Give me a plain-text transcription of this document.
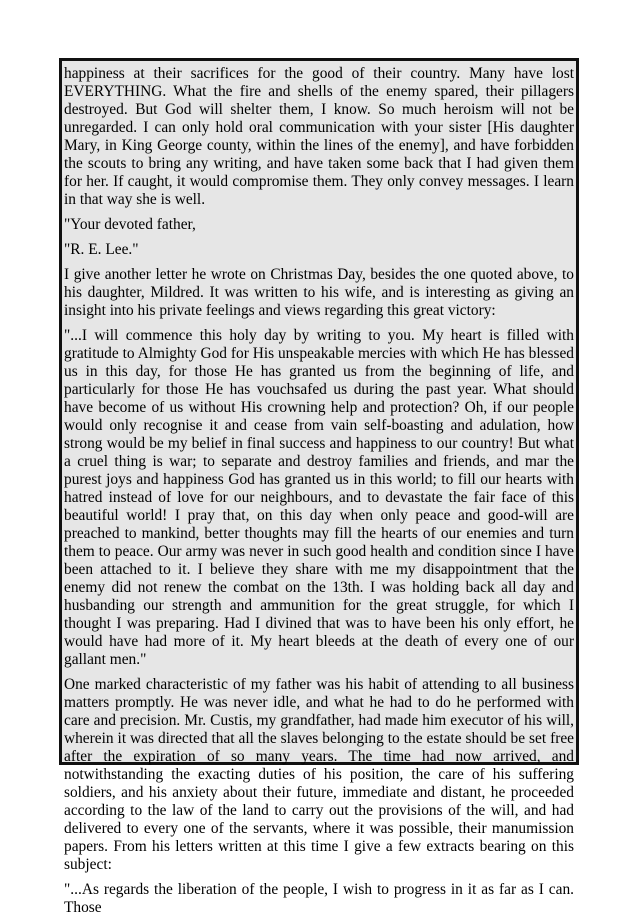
happiness at their sacrifices for the good of their country. Many have lost EVERYTHING. What the fire and shells of the enemy spared, their pillagers destroyed. But God will shelter them, I know. So much heroism will not be unregarded. I can only hold oral communication with your sister [His daughter Mary, in King George county, within the lines of the enemy], and have forbidden the scouts to bring any writing, and have taken some back that I had given them for her. If caught, it would compromise them. They only convey messages. I learn in that way she is well.

"Your devoted father,

"R. E. Lee."

I give another letter he wrote on Christmas Day, besides the one quoted above, to his daughter, Mildred. It was written to his wife, and is interesting as giving an insight into his private feelings and views regarding this great victory:

"...I will commence this holy day by writing to you. My heart is filled with gratitude to Almighty God for His unspeakable mercies with which He has blessed us in this day, for those He has granted us from the beginning of life, and particularly for those He has vouchsafed us during the past year. What should have become of us without His crowning help and protection? Oh, if our people would only recognise it and cease from vain self-boasting and adulation, how strong would be my belief in final success and happiness to our country! But what a cruel thing is war; to separate and destroy families and friends, and mar the purest joys and happiness God has granted us in this world; to fill our hearts with hatred instead of love for our neighbours, and to devastate the fair face of this beautiful world! I pray that, on this day when only peace and good-will are preached to mankind, better thoughts may fill the hearts of our enemies and turn them to peace. Our army was never in such good health and condition since I have been attached to it. I believe they share with me my disappointment that the enemy did not renew the combat on the 13th. I was holding back all day and husbanding our strength and ammunition for the great struggle, for which I thought I was preparing. Had I divined that was to have been his only effort, he would have had more of it. My heart bleeds at the death of every one of our gallant men."

One marked characteristic of my father was his habit of attending to all business matters promptly. He was never idle, and what he had to do he performed with care and precision. Mr. Custis, my grandfather, had made him executor of his will, wherein it was directed that all the slaves belonging to the estate should be set free after the expiration of so many years. The time had now arrived, and notwithstanding the exacting duties of his position, the care of his suffering soldiers, and his anxiety about their future, immediate and distant, he proceeded according to the law of the land to carry out the provisions of the will, and had delivered to every one of the servants, where it was possible, their manumission papers. From his letters written at this time I give a few extracts bearing on this subject:

"...As regards the liberation of the people, I wish to progress in it as far as I can. Those
